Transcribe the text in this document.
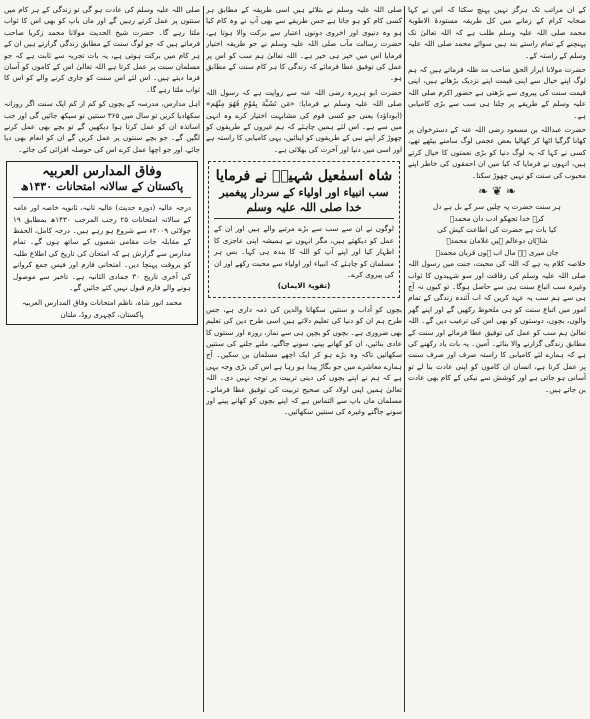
کے ان مراتب تک ہرگز نہیں پہنچ سکتا کہ اس نے کہا صحابہ کرام کے زمانے میں کل طریقہ مستودۃ الاطوبۃ محمد صلی اللہ علیہ وسلم طلب ہے کہ اللہ تعالیٰ تک پہنچنے کے تمام راستے بند ہیں سوائے محمد صلی اللہ علیہ وسلم کے راستہ کے۔

حضرت مولانا ابرار الحق صاحب مد ظلہ فرماتے ہیں کہ ہم لوگ اپنے خیال سے اپنی قیمت اپنے نزدیک بڑھاتے ہیں، اپنی قیمت سنت کی پیروی سے بڑھتی ہے حضور اکرم صلی اللہ علیہ وسلم کے طریقے پر چلنا ہی سب سے بڑی کامیابی ہے۔

حضرت عبداللہ بن مسعود رضی اللہ عنہ کے دسترخوان پر کھانا گرگیا اٹھا کر کھالیا بعض عجمی لوگ سامنے بیٹھے تھے، کسی نے کہا کہ یہ لوگ دنیا کو بڑی نعمتوں کا خیال کرتے ہیں، انہوں نے فرمایا کہ کیا میں ان احمقوں کی خاطر اپنے محبوب کی سنت کو نہیں چھوڑ سکتا۔

❧ ❦ ❧
ہر سنت حضرت پہ چلیں سر کے بل ہے دل
کرے خدا تجھکو ادب دان محمدؐ
کیا بات ہے حضرت کی اطاعت کیش کی
شاہان دوعالم ہیں غلامان محمدؐ
جان میری ہے مال اب ہوں قربان محمدؐ

خلاصہ کلام یہ ہے کہ اللہ کی محبت، جنت میں رسول اللہ صلی اللہ علیہ وسلم کی رفاقت اور سو شہیدوں کا ثواب وغیرہ سب اتباع سنت ہی سے حاصل ہوگا۔ تو کیوں نہ آج ہی سے ہم سب یہ عہد کریں کہ اب آئندہ زندگی کے تمام امور میں اتباع سنت کو ہی ملحوظ رکھیں گے اور اپنے گھر والوں، بچوں، دوستوں کو بھی اس کی ترغیب دیں گے۔ اللہ تعالیٰ ہم سب کو عمل کی توفیق عطا فرمائے اور سنت کے مطابق زندگی گزارنے والا بنائے۔ آمین۔ یہ بات یاد رکھنے کی ہے کہ ہمارے لئے کامیابی کا راستہ صرف اور صرف سنت پر عمل کرنا ہے، انسان ان کاموں کو اپنی عادت بنا لے تو آسانی ہو جاتی ہے اور کوشش سے نیکی کے کام بھی عادت بن جاتے ہیں۔

صلی اللہ علیہ وسلم نے بتلائے ہیں اسی طریقہ کے مطابق ہر کسی کام کو ہو جاتا ہے جس طریقے سے بھی آپ نے وہ کام کیا ہو وہ دنیوی اور اخروی دونوں اعتبار سے برکت والا ہوتا ہے، حضرت رسالت مآب صلی اللہ علیہ وسلم نے جو طریقہ اختیار فرمایا اس میں خیر ہی خیر ہے۔ اللہ تعالیٰ ہم سب کو اس پر عمل کی توفیق عطا فرمائے کہ زندگی کا ہر کام سنت کے مطابق ہو۔

حضرت ابو ہریرہ رضی اللہ عنہ سے روایت ہے کہ رسول اللہ صلی اللہ علیہ وسلم نے فرمایا: «مَن تَشَبَّهَ بِقَوْمٍ فَهُوَ مِنْهُم» (ابوداؤد) یعنی جو کسی قوم کی مشابہت اختیار کرے وہ انہی میں سے ہے۔ اس لئے ہمیں چاہئے کہ ہم غیروں کے طریقوں کو چھوڑ کر اپنے نبی کے طریقوں کو اپنائیں، یہی کامیابی کا راستہ ہے اور اسی میں دنیا اور آخرت کی بھلائی ہے۔

شاہ اسمٰعیل شہیدؒ نے فرمایا
سب انبیاء اور اولیاء کے سردار پیغمبر خدا صلی اللہ علیہ وسلم
لوگوں نے ان سے سب سے بڑے مرتبے والے ہیں اور ان کے عمل کو دیکھتے ہیں، مگر انہوں نے ہمیشہ اپنی عاجزی کا اظہار کیا اور اپنے آپ کو اللہ کا بندہ ہی کہا۔ بس ہر مسلمان کو چاہئے کہ انبیاء اور اولیاء سے محبت رکھے اور ان کی پیروی کرے۔
(تقویۃ الایمان)

بچوں کو آداب و سنتیں سکھانا والدین کی ذمہ داری ہے، جس طرح ہم ان کو دنیا کی تعلیم دلاتے ہیں اسی طرح دین کی تعلیم بھی ضروری ہے۔ بچوں کو بچپن ہی سے نماز، روزہ اور سنتوں کا عادی بنائیں، ان کو کھانے پینے، سونے جاگنے، ملنے جلنے کی سنتیں سکھائیں تاکہ وہ بڑے ہو کر ایک اچھے مسلمان بن سکیں۔ آج ہمارے معاشرے میں جو بگاڑ پیدا ہو رہا ہے اس کی بڑی وجہ یہی ہے کہ ہم نے اپنے بچوں کی دینی تربیت پر توجہ نہیں دی۔ اللہ تعالیٰ ہمیں اپنی اولاد کی صحیح تربیت کی توفیق عطا فرمائے۔ مسلمان ماں باپ سے التماس ہے کہ اپنے بچوں کو کھانے پینے اور سونے جاگنے وغیرہ کی سنتیں سکھائیں۔

صلی اللہ علیہ وسلم کی عادت ہو گی تو زندگی کے ہر کام میں سنتوں پر عمل کرتے رہیں گے اور ماں باپ کو بھی اس کا ثواب ملتا رہے گا۔ حضرت شیخ الحدیث مولانا محمد زکریا صاحب فرماتے ہیں کہ جو لوگ سنت کے مطابق زندگی گزارتے ہیں ان کے ہر کام میں برکت ہوتی ہے، یہ بات تجربہ سے ثابت ہے کہ جو مسلمان سنت پر عمل کرتا ہے اللہ تعالیٰ اس کے کاموں کو آسان فرما دیتے ہیں۔ اس لئے اس سنت کو جاری کرنے والے کو اس کا ثواب ملتا رہے گا۔

اہل مدارس، مدرسہ کے بچوں کو کم از کم ایک سنت اگر روزانہ سکھادیا کریں تو سال میں ۳۶۵ سنتیں تو سیکھ جائیں گی اور جب اساتذہ ان کو عمل کرتا ہوا دیکھیں گے تو بچے بھی عمل کرنے لگیں گے۔ جو بچے سنتوں پر عمل کریں گے ان کو انعام بھی دیا جائے، اور جو اچھا عمل کرے اس کی حوصلہ افزائی کی جائے۔

وفاق المدارس العربیہ
پاکستان کے سالانہ امتحانات ۱۴۳۰ھ
درجہ عالیہ (دورہ حدیث) عالیہ ثانیہ، ثانویہ خاصہ اور عامہ کے سالانہ امتحانات ۲۵ رجب المرجب ۱۴۳۰ھ بمطابق ۱۹ جولائی ۲۰۰۹ء سے شروع ہو رہے ہیں۔ درجہ کامل، الحفظ کے مقابلہ جات مقامی شعبوں کے ساتھ ہوں گے۔ تمام مدارس سے گزارش ہے کہ امتحان کی تاریخ کی اطلاع طلبہ کو بروقت پہنچا دیں۔ امتحانی فارم اور فیس جمع کروانے کی آخری تاریخ ۳۰ جمادی الثانیہ ہے۔ تاخیر سے موصول ہونے والے فارم قبول نہیں کئے جائیں گے۔
محمد انور شاہ، ناظم امتحانات وفاق المدارس العربیہ پاکستان، کچہری روڈ، ملتان
